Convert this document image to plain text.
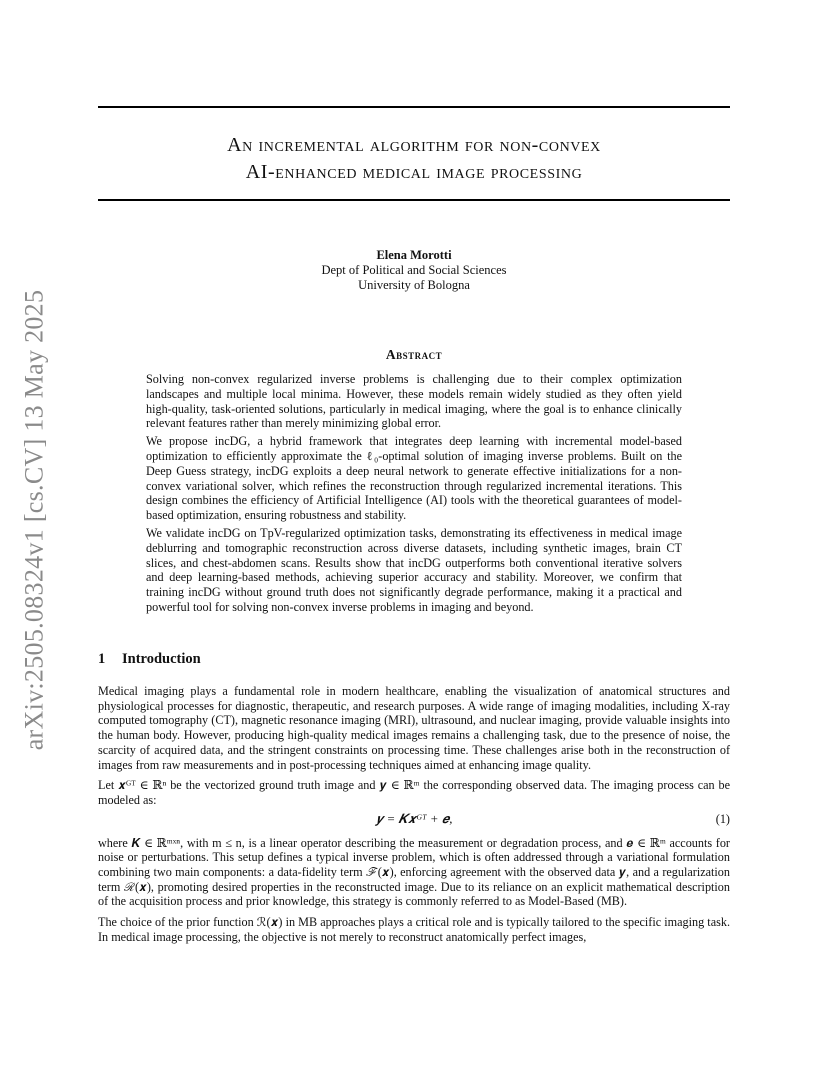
arXiv:2505.08324v1 [cs.CV] 13 May 2025
An incremental algorithm for non-convex
AI-enhanced medical image processing
Elena Morotti
Dept of Political and Social Sciences
University of Bologna
Abstract

Solving non-convex regularized inverse problems is challenging due to their complex optimization landscapes and multiple local minima. However, these models remain widely studied as they often yield high-quality, task-oriented solutions, particularly in medical imaging, where the goal is to enhance clinically relevant features rather than merely minimizing global error.

We propose incDG, a hybrid framework that integrates deep learning with incremental model-based optimization to efficiently approximate the ℓ₀-optimal solution of imaging inverse problems. Built on the Deep Guess strategy, incDG exploits a deep neural network to generate effective initializations for a non-convex variational solver, which refines the reconstruction through regularized incremental iterations. This design combines the efficiency of Artificial Intelligence (AI) tools with the theoretical guarantees of model-based optimization, ensuring robustness and stability.

We validate incDG on TpV-regularized optimization tasks, demonstrating its effectiveness in medical image deblurring and tomographic reconstruction across diverse datasets, including synthetic images, brain CT slices, and chest-abdomen scans. Results show that incDG outperforms both conventional iterative solvers and deep learning-based methods, achieving superior accuracy and stability. Moreover, we confirm that training incDG without ground truth does not significantly degrade performance, making it a practical and powerful tool for solving non-convex inverse problems in imaging and beyond.

1 Introduction

Medical imaging plays a fundamental role in modern healthcare, enabling the visualization of anatomical structures and physiological processes for diagnostic, therapeutic, and research purposes. A wide range of imaging modalities, including X-ray computed tomography (CT), magnetic resonance imaging (MRI), ultrasound, and nuclear imaging, provide valuable insights into the human body. However, producing high-quality medical images remains a challenging task, due to the presence of noise, the scarcity of acquired data, and the stringent constraints on processing time. These challenges arise both in the reconstruction of images from raw measurements and in post-processing techniques aimed at enhancing image quality.

Let 𝒙ᴳᵀ ∈ ℝⁿ be the vectorized ground truth image and 𝒚 ∈ ℝᵐ the corresponding observed data. The imaging process can be modeled as:

𝒚 = 𝑲𝒙ᴳᵀ + 𝒆,	(1)

where 𝑲 ∈ ℝᵐˣⁿ, with m ≤ n, is a linear operator describing the measurement or degradation process, and 𝒆 ∈ ℝᵐ accounts for noise or perturbations. This setup defines a typical inverse problem, which is often addressed through a variational formulation combining two main components: a data-fidelity term ℱ(𝒙), enforcing agreement with the observed data 𝒚, and a regularization term ℛ(𝒙), promoting desired properties in the reconstructed image. Due to its reliance on an explicit mathematical description of the acquisition process and prior knowledge, this strategy is commonly referred to as Model-Based (MB).

The choice of the prior function ℛ(𝒙) in MB approaches plays a critical role and is typically tailored to the specific imaging task. In medical image processing, the objective is not merely to reconstruct anatomically perfect images,
